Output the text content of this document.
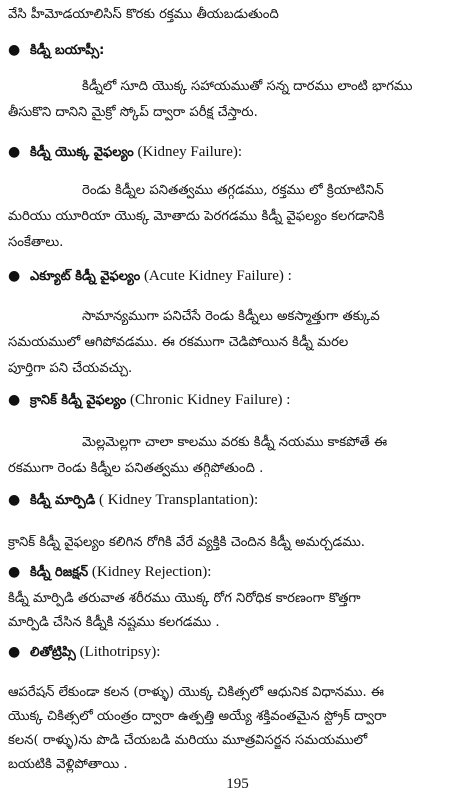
వేసి హీమోడయాలిసిస్ కొరకు రక్తము తీయబడుతుంది
● కిడ్నీ బయాప్సీ:
కిడ్నీలో సూది యొక్క సహాయముతో సన్న దారము లాంటి భాగము
తీసుకొని దానిని మైక్రో స్కోప్ ద్వారా పరీక్ష చేస్తారు.
● కిడ్నీ యొక్క వైఫల్యం (Kidney Failure):
రెండు కిడ్నీల పనితత్వము తగ్గడము, రక్తము లో క్రియాటినిన్
మరియు యూరియా యొక్క మోతాదు పెరగడము కిడ్నీ వైఫల్యం కలగడానికి
సంకేతాలు.
● ఎక్యూట్ కిడ్నీ వైఫల్యం (Acute Kidney Failure) :
సామాన్యముగా పనిచేసే రెండు కిడ్నీలు అకస్మాత్తుగా తక్కువ
సమయములో ఆగిపోవడము. ఈ రకముగా చెడిపోయిన కిడ్నీ మరల
పూర్తిగా పని చేయవచ్చు.
● క్రానిక్ కిడ్నీ వైఫల్యం (Chronic Kidney Failure) :
మెల్లమెల్లగా చాలా కాలము వరకు కిడ్నీ నయము కాకపోతే ఈ
రకముగా రెండు కిడ్నీల పనితత్వము తగ్గిపోతుంది .
● కిడ్నీ మార్పిడి ( Kidney Transplantation):
క్రానిక్ కిడ్నీ వైఫల్యం కలిగిన రోగికి వేరే వ్యక్తికి చెందిన కిడ్నీ అమర్చడము.
● కిడ్నీ రిజక్షన్ (Kidney Rejection):
కిడ్నీ మార్పిడి తరువాత శరీరము యొక్క రోగ నిరోధిక కారణంగా కొత్తగా
మార్పిడి చేసిన కిడ్నీకి నష్టము కలగడము .
● లితోట్రిప్సి (Lithotripsy):
ఆపరేషన్ లేకుండా కలన (రాళ్ళు) యొక్క చికిత్సలో ఆధునిక విధానము. ఈ
యొక్క చికిత్సలో యంత్రం ద్వారా ఉత్పత్తి అయ్యే శక్తివంతమైన స్ట్రోక్ ద్వారా
కలన( రాళ్ళు)ను పొడి చేయబడి మరియు మూత్రవిసర్జన సమయములో
బయటికి వెళ్లిపోతాయి .
195
